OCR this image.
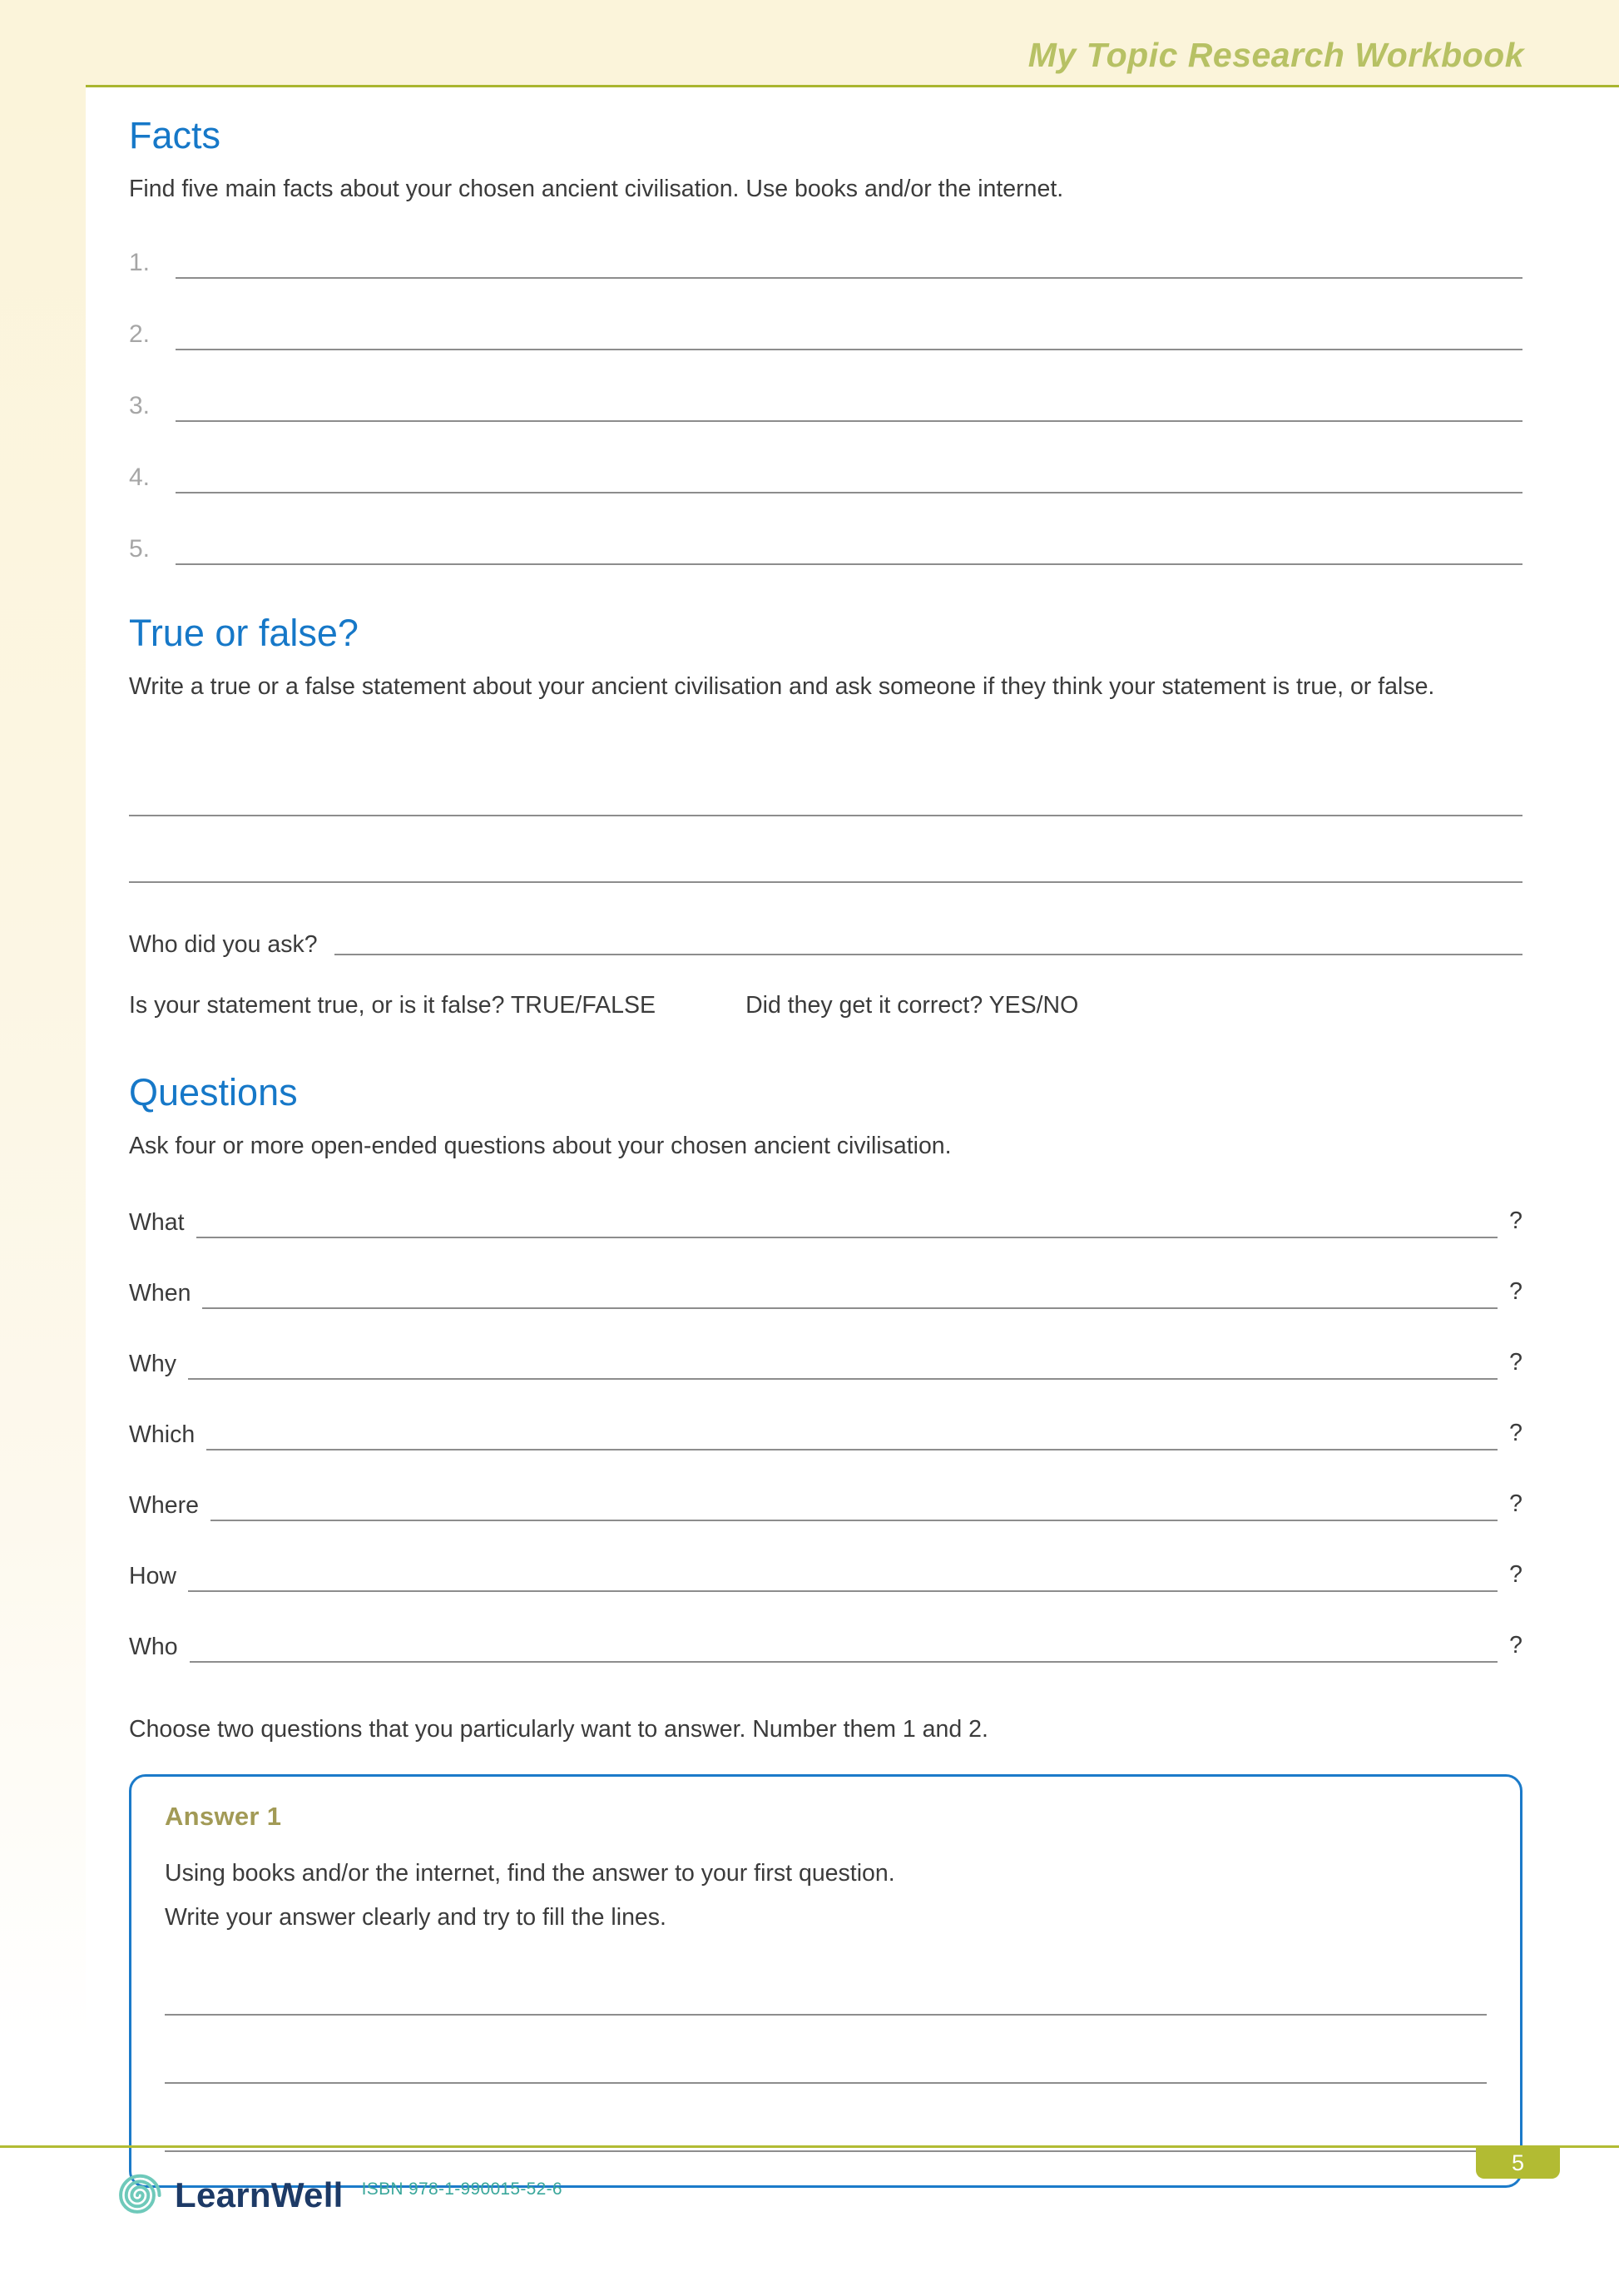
My Topic Research Workbook
Facts
Find five main facts about your chosen ancient civilisation. Use books and/or the internet.
1.
2.
3.
4.
5.
True or false?
Write a true or a false statement about your ancient civilisation and ask someone if they think your statement is true, or false.
Who did you ask?
Is your statement true, or is it false? TRUE/FALSE	Did they get it correct? YES/NO
Questions
Ask four or more open-ended questions about your chosen ancient civilisation.
What	?
When	?
Why	?
Which	?
Where	?
How	?
Who	?
Choose two questions that you particularly want to answer. Number them 1 and 2.
Answer 1
Using books and/or the internet, find the answer to your first question.
Write your answer clearly and try to fill the lines.
5
LearnWell ISBN 978-1-990015-52-6
